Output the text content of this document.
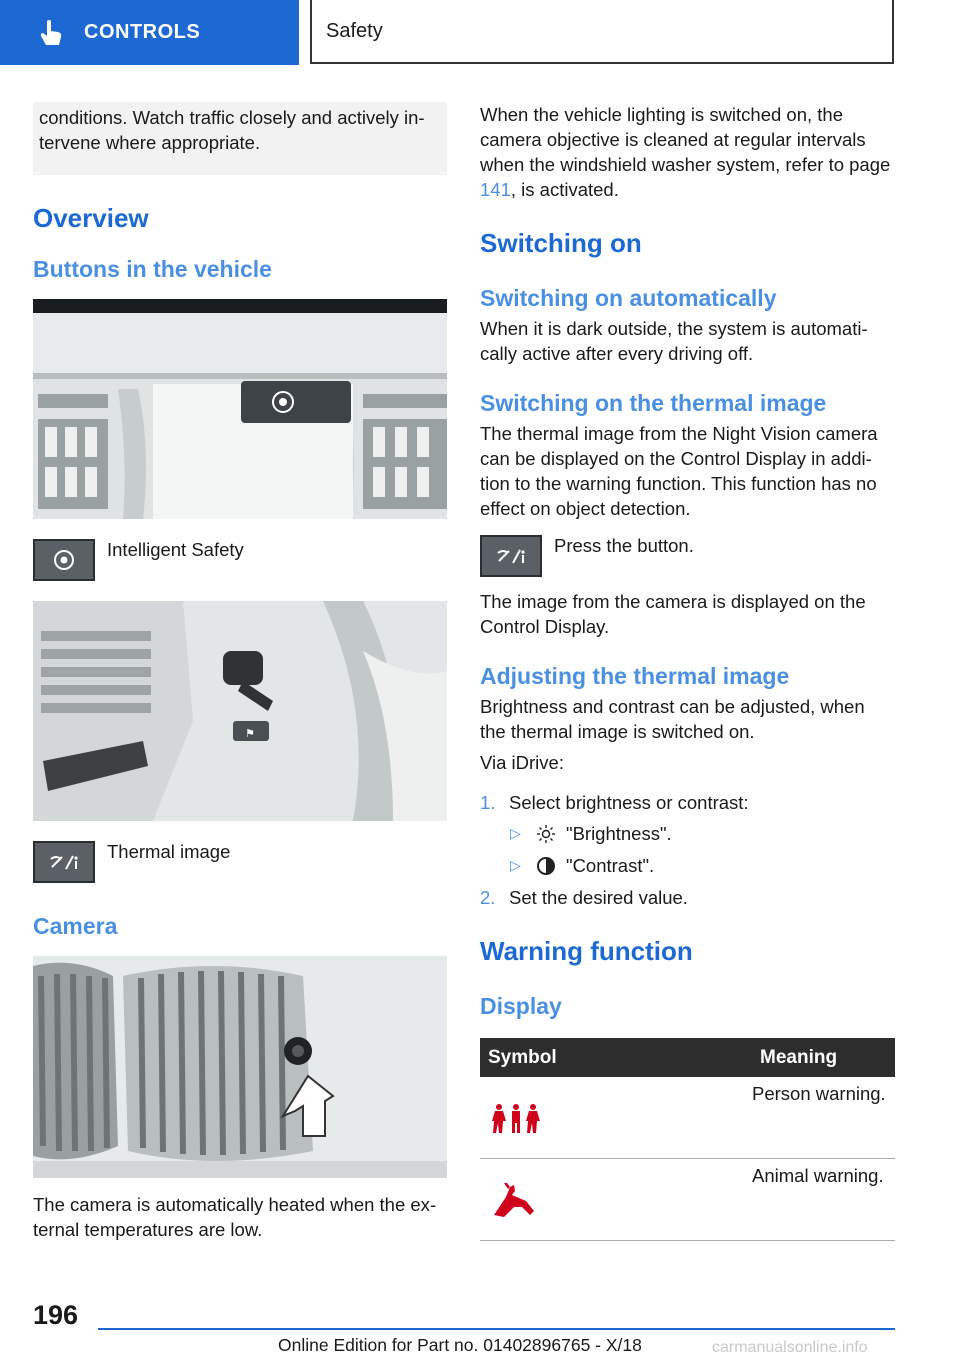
CONTROLS	Safety
conditions. Watch traffic closely and actively intervene where appropriate.
Overview
Buttons in the vehicle
Intelligent Safety
⚑
Thermal image
Camera

The camera is automatically heated when the external temperatures are low.

When the vehicle lighting is switched on, the camera objective is cleaned at regular intervals when the windshield washer system, refer to page 141, is activated.

Switching on
Switching on automatically

When it is dark outside, the system is automatically active after every driving off.

Switching on the thermal image

The thermal image from the Night Vision camera can be displayed on the Control Display in addition to the warning function. This function has no effect on object detection.

Press the button.

The image from the camera is displayed on the Control Display.

Adjusting the thermal image

Brightness and contrast can be adjusted, when the thermal image is switched on.

Via iDrive:

1. Select brightness or contrast:
▷	"Brightness".
▷	"Contrast".
2. Set the desired value.
Warning function
Display
Symbol	Meaning
	Person warning.
	Animal warning.
196
Online Edition for Part no. 01402896765 - X/18	carmanualsonline.info
